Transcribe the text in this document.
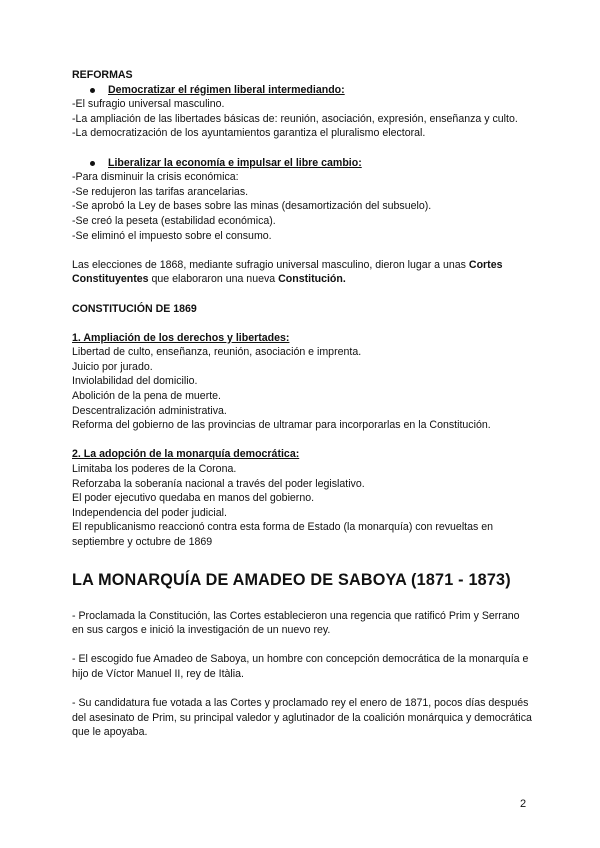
REFORMAS
Democratizar el régimen liberal intermediando:
-El sufragio universal masculino.
-La ampliación de las libertades básicas de: reunión, asociación, expresión, enseñanza y culto.
-La democratización de los ayuntamientos garantiza el pluralismo electoral.
Liberalizar la economía e impulsar el libre cambio:
-Para disminuir la crisis económica:
-Se redujeron las tarifas arancelarias.
-Se aprobó la Ley de bases sobre las minas (desamortización del subsuelo).
-Se creó la peseta (estabilidad económica).
-Se eliminó el impuesto sobre el consumo.

Las elecciones de 1868, mediante sufragio universal masculino, dieron lugar a unas Cortes Constituyentes que elaboraron una nueva Constitución.

CONSTITUCIÓN DE 1869
1. Ampliación de los derechos y libertades:
Libertad de culto, enseñanza, reunión, asociación e imprenta.
Juicio por jurado.
Inviolabilidad del domicilio.
Abolición de la pena de muerte.
Descentralización administrativa.
Reforma del gobierno de las provincias de ultramar para incorporarlas en la Constitución.
2. La adopción de la monarquía democrática:
Limitaba los poderes de la Corona.
Reforzaba la soberanía nacional a través del poder legislativo.
El poder ejecutivo quedaba en manos del gobierno.
Independencia del poder judicial.
El republicanismo reaccionó contra esta forma de Estado (la monarquía) con revueltas en septiembre y octubre de 1869
LA MONARQUÍA DE AMADEO DE SABOYA (1871 - 1873)

- Proclamada la Constitución, las Cortes establecieron una regencia que ratificó Prim y Serrano en sus cargos e inició la investigación de un nuevo rey.

- El escogido fue Amadeo de Saboya, un hombre con concepción democrática de la monarquía e hijo de Víctor Manuel II, rey de Itàlia.

- Su candidatura fue votada a las Cortes y proclamado rey el enero de 1871, pocos días después del asesinato de Prim, su principal valedor y aglutinador de la coalición monárquica y democrática que le apoyaba.

2
